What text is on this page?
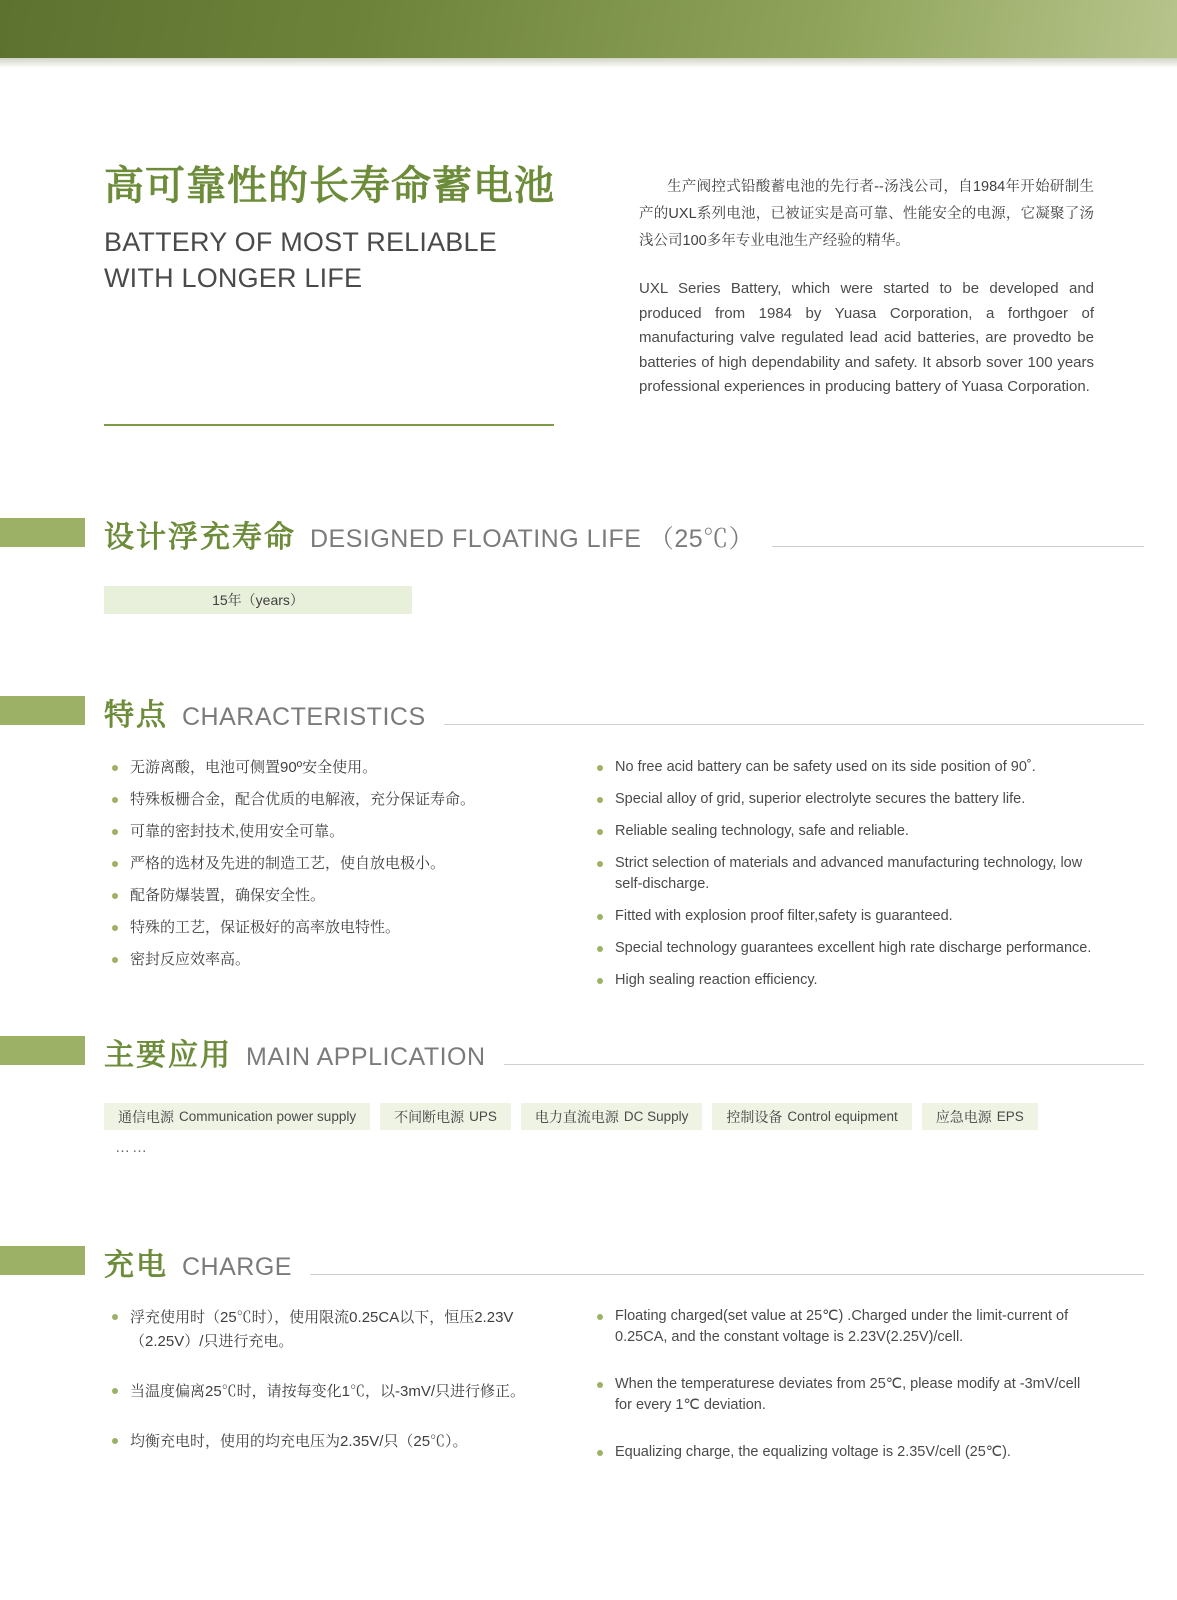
高可靠性的长寿命蓄电池
BATTERY OF MOST RELIABLE WITH LONGER LIFE

生产阀控式铅酸蓄电池的先行者--汤浅公司，自1984年开始研制生产的UXL系列电池，已被证实是高可靠、性能安全的电源，它凝聚了汤浅公司100多年专业电池生产经验的精华。

UXL Series Battery, which were started to be developed and produced from 1984 by Yuasa Corporation, a forthgoer of manufacturing valve regulated lead acid batteries, are provedto be batteries of high dependability and safety. It absorb sover 100 years professional experiences in producing battery of Yuasa Corporation.

设计浮充寿命 DESIGNED FLOATING LIFE （25℃）
15年（years）
特点 CHARACTERISTICS
无游离酸，电池可侧置90º安全使用。
特殊板栅合金，配合优质的电解液，充分保证寿命。
可靠的密封技术,使用安全可靠。
严格的选材及先进的制造工艺，使自放电极小。
配备防爆装置，确保安全性。
特殊的工艺，保证极好的高率放电特性。
密封反应效率高。
No free acid battery can be safety used on its side position of 90˚.
Special alloy of grid, superior electrolyte secures the battery life.
Reliable sealing technology, safe and reliable.
Strict selection of materials and advanced manufacturing technology, low self-discharge.
Fitted with explosion proof filter,safety is guaranteed.
Special technology guarantees excellent high rate discharge performance.
High sealing reaction efficiency.
主要应用 MAIN APPLICATION
通信电源 Communication power supply	不间断电源 UPS	电力直流电源 DC Supply	控制设备 Control equipment	应急电源 EPS
……
充电 CHARGE
浮充使用时（25℃时），使用限流0.25CA以下，恒压2.23V（2.25V）/只进行充电。
当温度偏离25℃时，请按每变化1℃，以-3mV/只进行修正。
均衡充电时，使用的均充电压为2.35V/只（25℃）。
Floating charged(set value at 25℃) .Charged under the limit-current of 0.25CA, and the constant voltage is 2.23V(2.25V)/cell.
When the temperaturese deviates from 25℃, please modify at -3mV/cell for every 1℃ deviation.
Equalizing charge, the equalizing voltage is 2.35V/cell (25℃).
